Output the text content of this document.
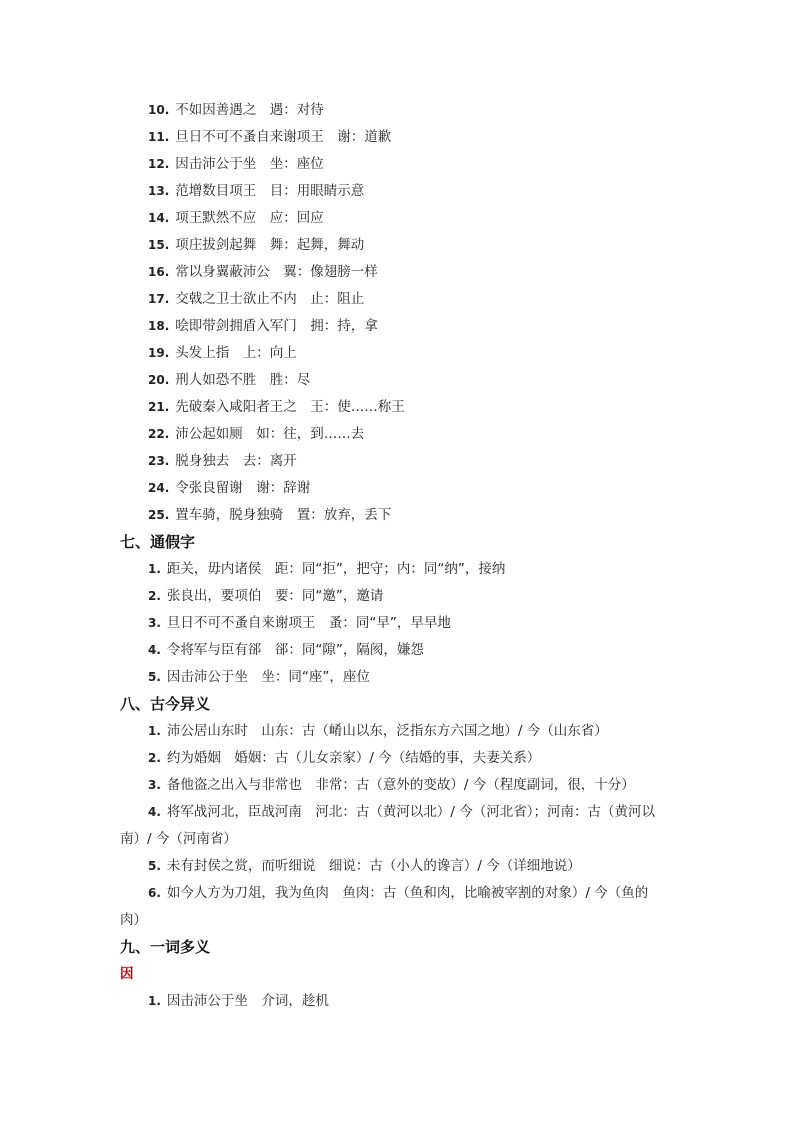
10. 不如因善遇之　遇：对待
11. 旦日不可不蚤自来谢项王　谢：道歉
12. 因击沛公于坐　坐：座位
13. 范增数目项王　目：用眼睛示意
14. 项王默然不应　应：回应
15. 项庄拔剑起舞　舞：起舞，舞动
16. 常以身翼蔽沛公　翼：像翅膀一样
17. 交戟之卫士欲止不内　止：阻止
18. 哙即带剑拥盾入军门　拥：持，拿
19. 头发上指　上：向上
20. 刑人如恐不胜　胜：尽
21. 先破秦入咸阳者王之　王：使……称王
22. 沛公起如厕　如：往，到……去
23. 脱身独去　去：离开
24. 令张良留谢　谢：辞谢
25. 置车骑，脱身独骑　置：放弃，丢下
七、通假字
1. 距关，毋内诸侯　距：同“拒”，把守；内：同“纳”，接纳
2. 张良出，要项伯　要：同“邀”，邀请
3. 旦日不可不蚤自来谢项王　蚤：同“早”，早早地
4. 令将军与臣有郤　郤：同“隙”，隔阂，嫌怨
5. 因击沛公于坐　坐：同“座”，座位
八、古今异义
1. 沛公居山东时　山东：古（崤山以东，泛指东方六国之地）/ 今（山东省）
2. 约为婚姻　婚姻：古（儿女亲家）/ 今（结婚的事，夫妻关系）
3. 备他盗之出入与非常也　非常：古（意外的变故）/ 今（程度副词，很，十分）
4. 将军战河北，臣战河南　河北：古（黄河以北）/ 今（河北省）；河南：古（黄河以
南）/ 今（河南省）
5. 未有封侯之赏，而听细说　细说：古（小人的谗言）/ 今（详细地说）
6. 如今人方为刀俎，我为鱼肉　鱼肉：古（鱼和肉，比喻被宰割的对象）/ 今（鱼的
肉）
九、一词多义
因
1. 因击沛公于坐　介词，趁机
